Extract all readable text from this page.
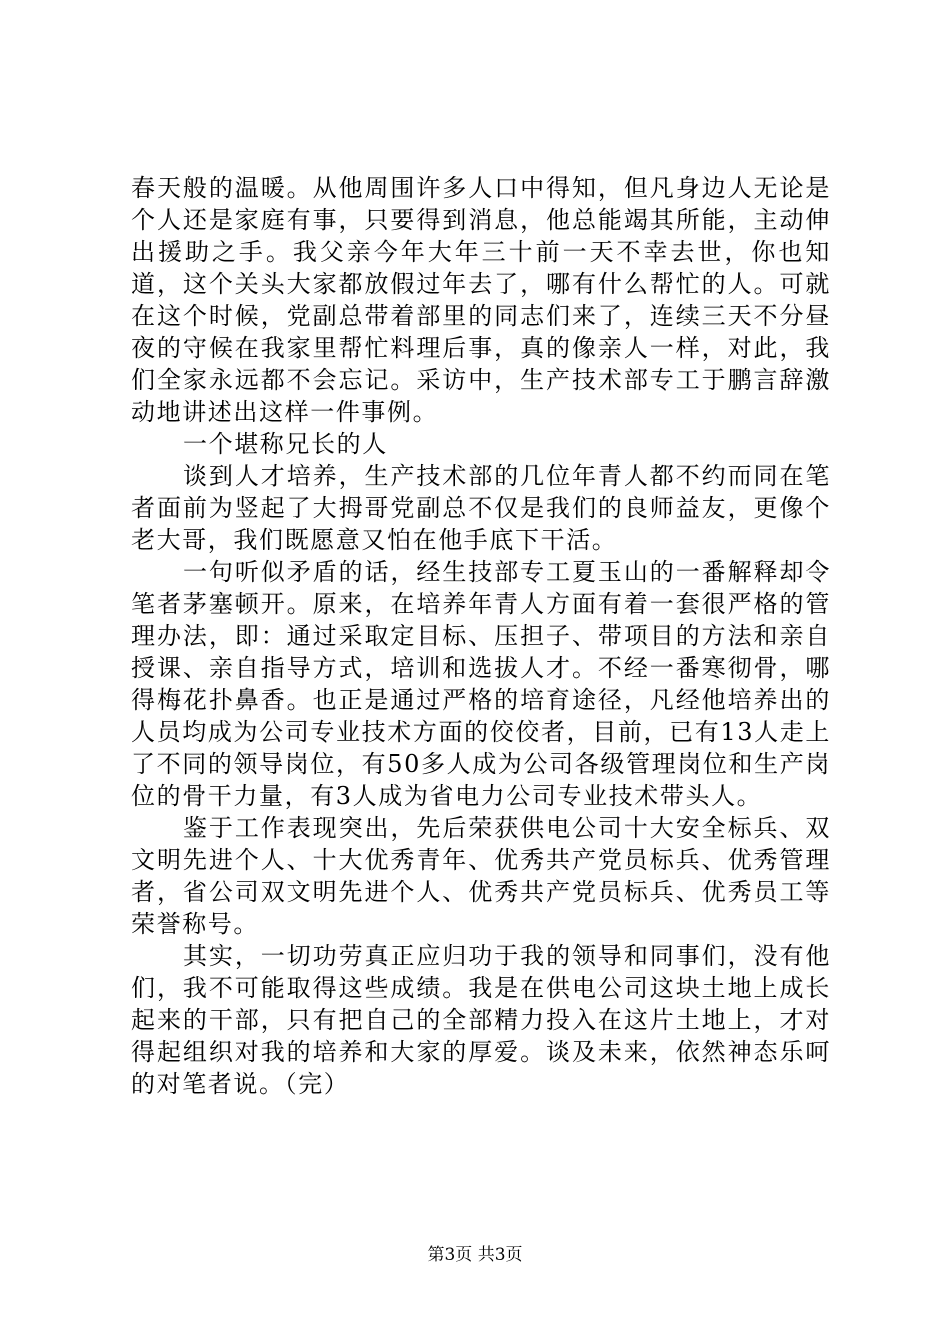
春天般的温暖。从他周围许多人口中得知，但凡身边人无论是个人还是家庭有事，只要得到消息，他总能竭其所能，主动伸出援助之手。我父亲今年大年三十前一天不幸去世，你也知道，这个关头大家都放假过年去了，哪有什么帮忙的人。可就在这个时候，党副总带着部里的同志们来了，连续三天不分昼夜的守候在我家里帮忙料理后事，真的像亲人一样，对此，我们全家永远都不会忘记。采访中，生产技术部专工于鹏言辞激动地讲述出这样一件事例。

一个堪称兄长的人

谈到人才培养，生产技术部的几位年青人都不约而同在笔者面前为竖起了大拇哥党副总不仅是我们的良师益友，更像个老大哥，我们既愿意又怕在他手底下干活。

一句听似矛盾的话，经生技部专工夏玉山的一番解释却令笔者茅塞顿开。原来，在培养年青人方面有着一套很严格的管理办法，即：通过采取定目标、压担子、带项目的方法和亲自授课、亲自指导方式，培训和选拔人才。不经一番寒彻骨，哪得梅花扑鼻香。也正是通过严格的培育途径，凡经他培养出的人员均成为公司专业技术方面的佼佼者，目前，已有13人走上了不同的领导岗位，有50多人成为公司各级管理岗位和生产岗位的骨干力量，有3人成为省电力公司专业技术带头人。

鉴于工作表现突出，先后荣获供电公司十大安全标兵、双文明先进个人、十大优秀青年、优秀共产党员标兵、优秀管理者，省公司双文明先进个人、优秀共产党员标兵、优秀员工等荣誉称号。

其实，一切功劳真正应归功于我的领导和同事们，没有他们，我不可能取得这些成绩。我是在供电公司这块土地上成长起来的干部，只有把自己的全部精力投入在这片土地上，才对得起组织对我的培养和大家的厚爱。谈及未来，依然神态乐呵的对笔者说。（完）

第3页 共3页
